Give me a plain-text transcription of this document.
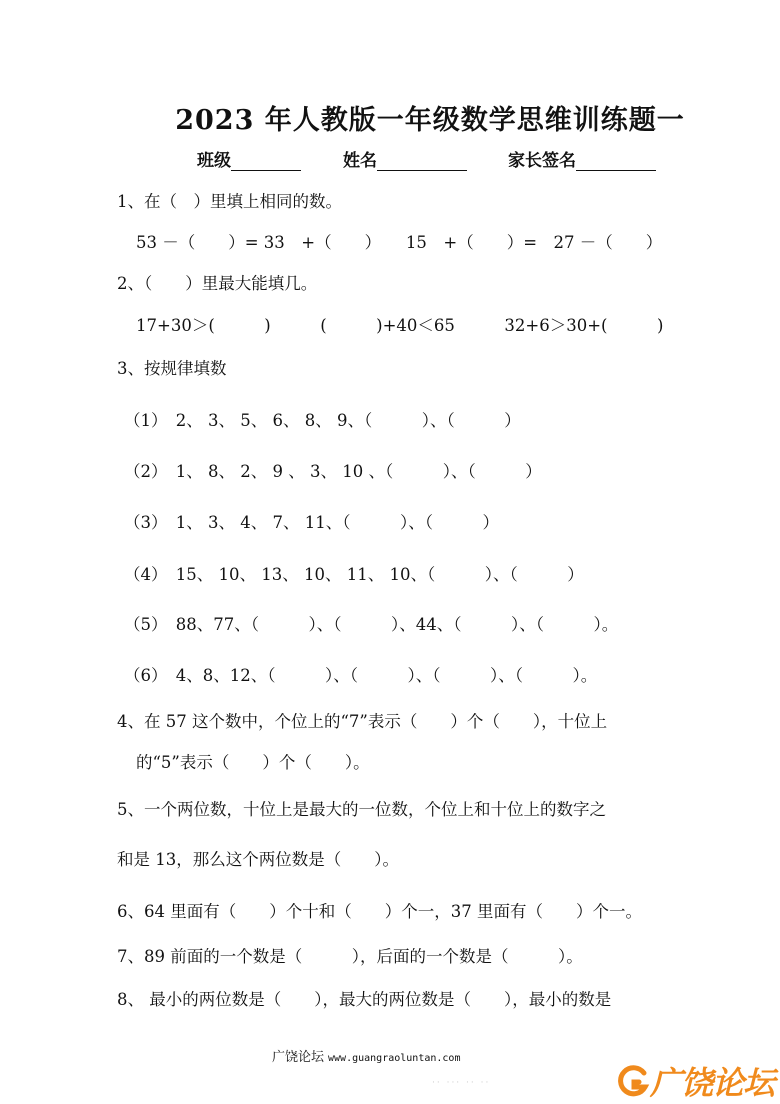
2023 年人教版一年级数学思维训练题一
班级	姓名	家长签名
1、在（　）里填上相同的数。
53 －（　　）= 33　+（　　）　　15　+（　　）=　27 －（　　）
2、（　　）里最大能填几。
17+30＞(　　　)　　　(　　　)+40＜65　　　32+6＞30+(　　　)
3、按规律填数
（1）　2、 3、 5、 6、 8、 9、（　　　）、（　　　）
（2）　1、 8、 2、 9 、 3、 10 、（　　　）、（　　　）
（3）　1、 3、 4、 7、 11、（　　　）、（　　　）
（4）　15、 10、 13、 10、 11、 10、（　　　）、（　　　）
（5）　88、77、（　　　）、（　　　）、44、（　　　）、（　　　）。
（6）　4、8、12、（　　　）、（　　　）、（　　　）、（　　　）。
4、在 57 这个数中，个位上的“7”表示（　　）个（　　），十位上
的“5”表示（　　）个（　　）。
5、一个两位数，十位上是最大的一位数，个位上和十位上的数字之
和是 13，那么这个两位数是（　　）。
6、64 里面有（　　）个十和（　　）个一，37 里面有（　　）个一。
7、89 前面的一个数是（　　　），后面的一个数是（　　　）。
8、 最小的两位数是（　　），最大的两位数是（　　），最小的数是
广饶论坛 www.guangraoluntan.com
·· ··· ·· ··	广饶论坛
